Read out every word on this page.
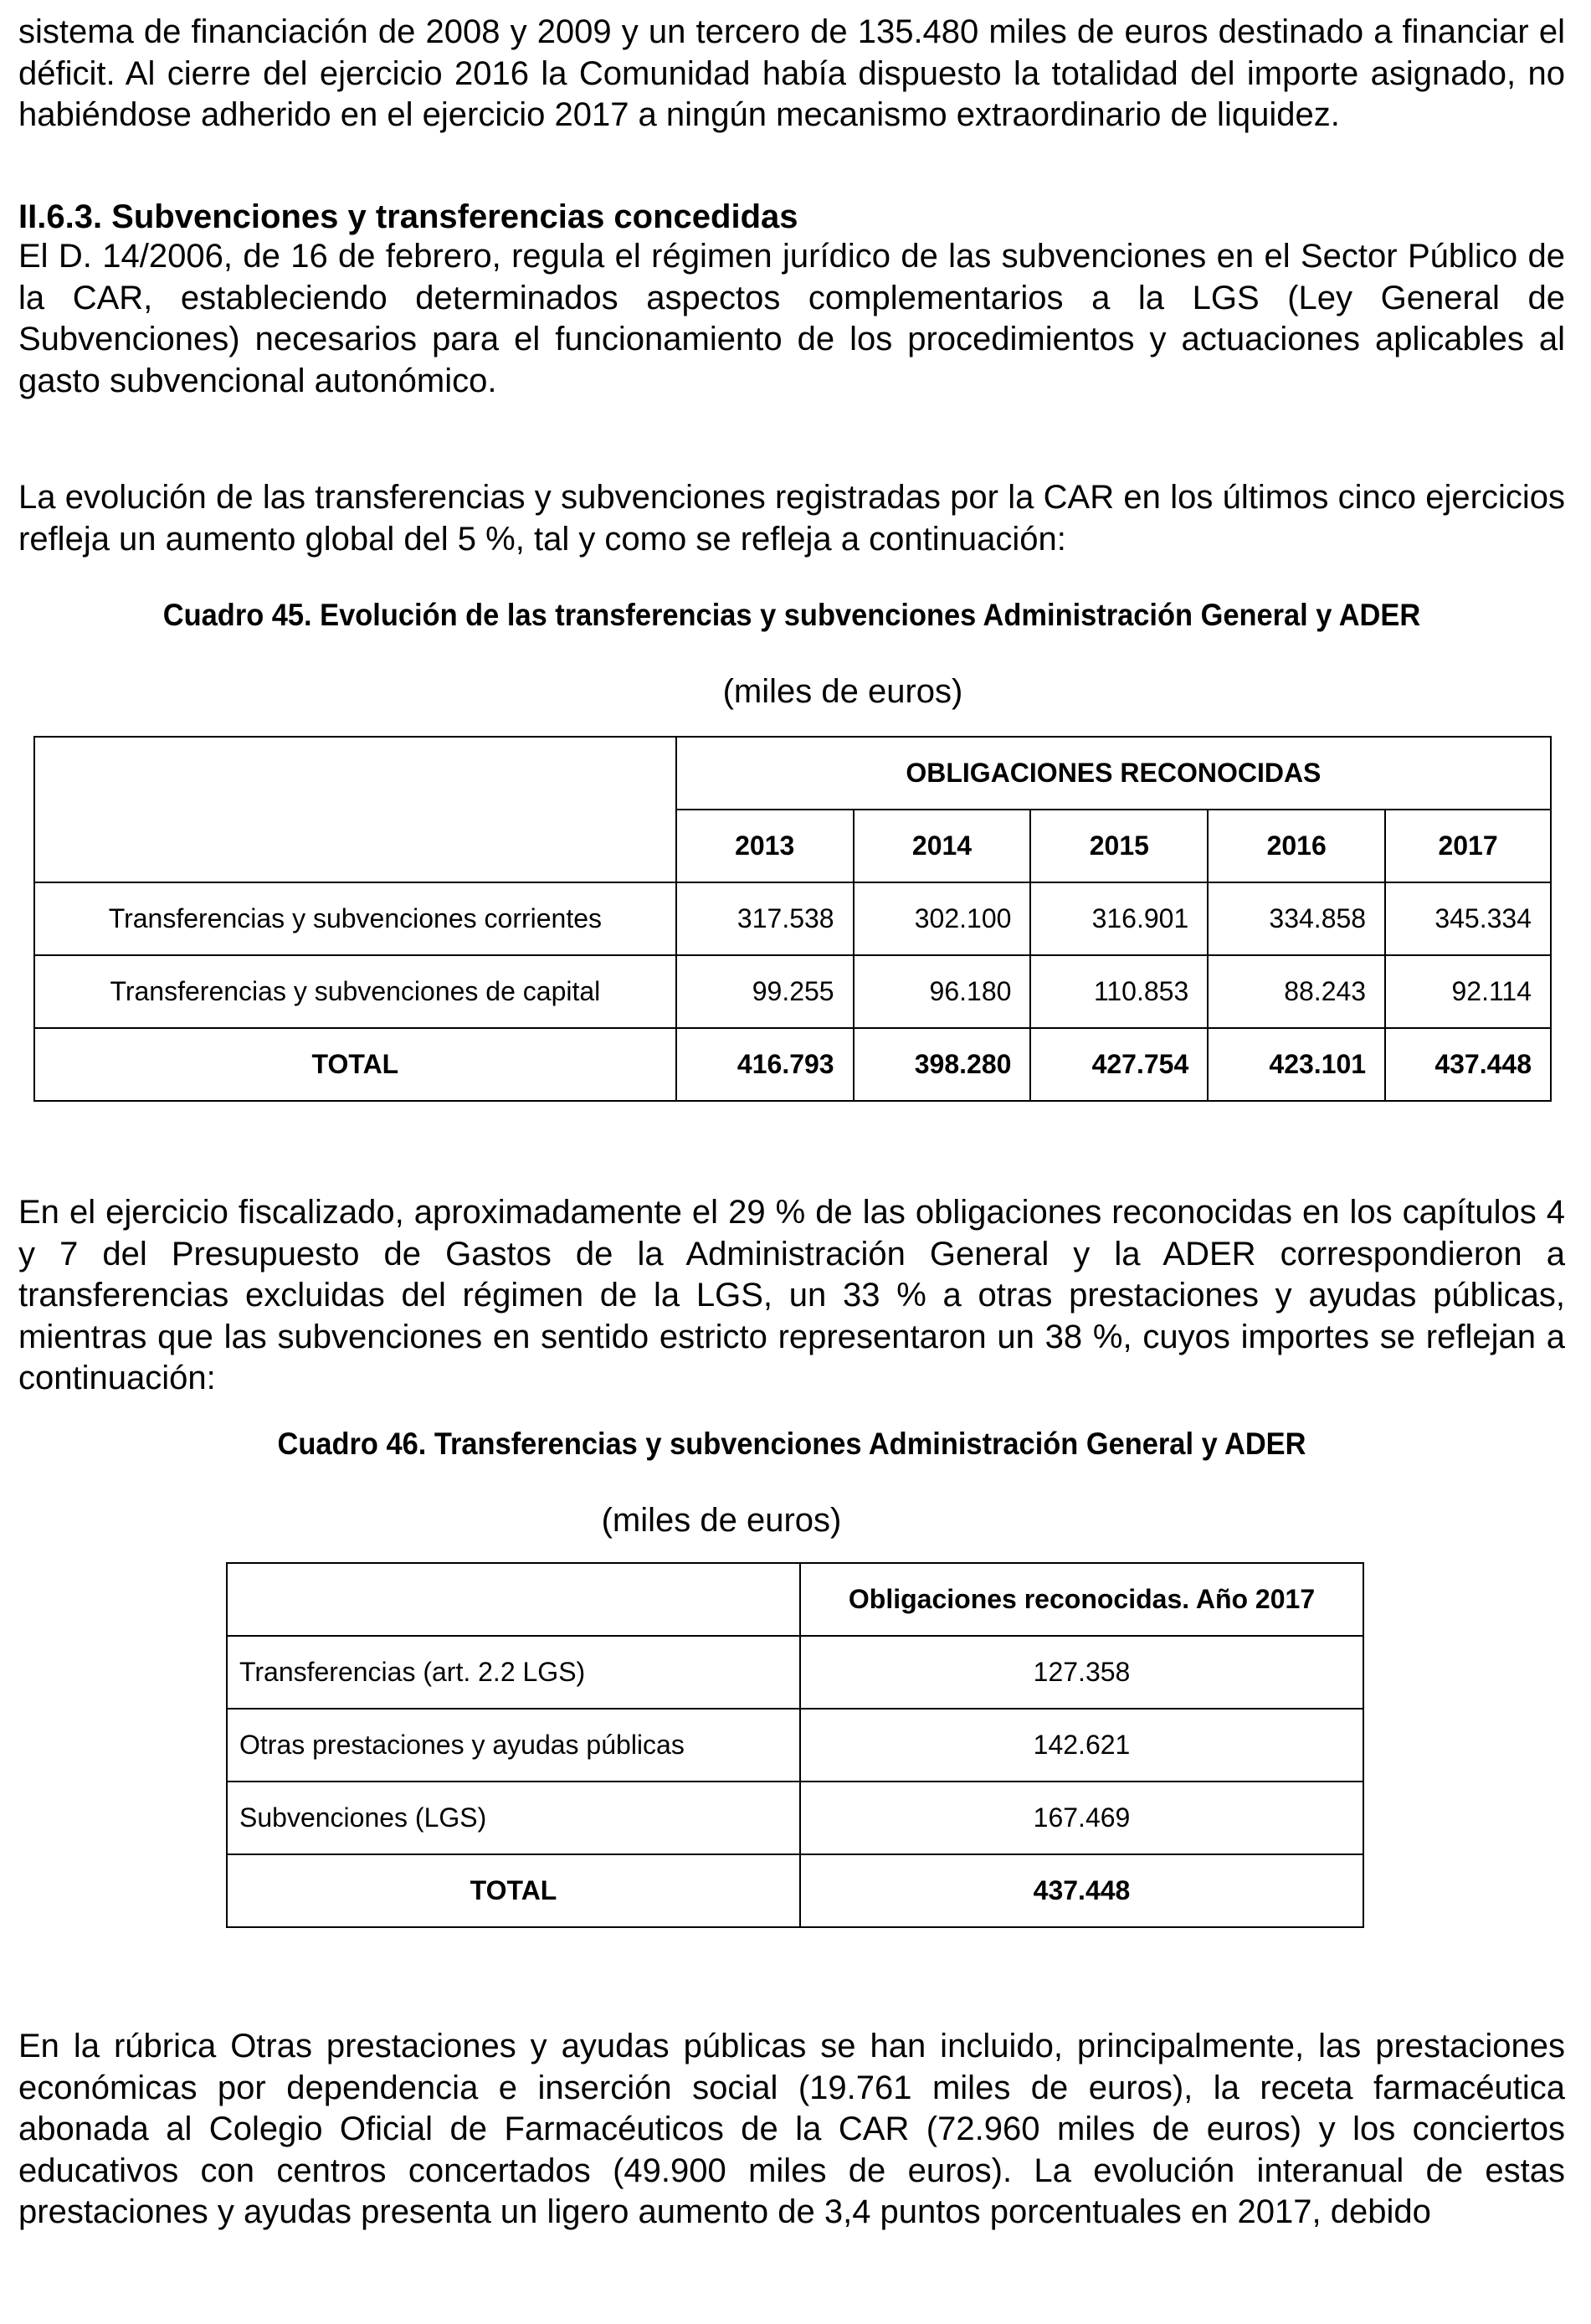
sistema de financiación de 2008 y 2009 y un tercero de 135.480 miles de euros destinado a financiar el déficit. Al cierre del ejercicio 2016 la Comunidad había dispuesto la totalidad del importe asignado, no habiéndose adherido en el ejercicio 2017 a ningún mecanismo extraordinario de liquidez.

II.6.3. Subvenciones y transferencias concedidas

El D. 14/2006, de 16 de febrero, regula el régimen jurídico de las subvenciones en el Sector Público de la CAR, estableciendo determinados aspectos complementarios a la LGS (Ley General de Subvenciones) necesarios para el funcionamiento de los procedimientos y actuaciones aplicables al gasto subvencional autonómico.

La evolución de las transferencias y subvenciones registradas por la CAR en los últimos cinco ejercicios refleja un aumento global del 5 %, tal y como se refleja a continuación:

Cuadro 45. Evolución de las transferencias y subvenciones Administración General y ADER

(miles de euros)

	OBLIGACIONES RECONOCIDAS				
	2013	2014	2015	2016	2017
Transferencias y subvenciones corrientes	317.538	302.100	316.901	334.858	345.334
Transferencias y subvenciones de capital	99.255	96.180	110.853	88.243	92.114
TOTAL	416.793	398.280	427.754	423.101	437.448

En el ejercicio fiscalizado, aproximadamente el 29 % de las obligaciones reconocidas en los capítulos 4 y 7 del Presupuesto de Gastos de la Administración General y la ADER correspondieron a transferencias excluidas del régimen de la LGS, un 33 % a otras prestaciones y ayudas públicas, mientras que las subvenciones en sentido estricto representaron un 38 %, cuyos importes se reflejan a continuación:

Cuadro 46. Transferencias y subvenciones Administración General y ADER

(miles de euros)

	Obligaciones reconocidas. Año 2017
Transferencias (art. 2.2 LGS)	127.358
Otras prestaciones y ayudas públicas	142.621
Subvenciones (LGS)	167.469
TOTAL	437.448

En la rúbrica Otras prestaciones y ayudas públicas se han incluido, principalmente, las prestaciones económicas por dependencia e inserción social (19.761 miles de euros), la receta farmacéutica abonada al Colegio Oficial de Farmacéuticos de la CAR (72.960 miles de euros) y los conciertos educativos con centros concertados (49.900 miles de euros). La evolución interanual de estas prestaciones y ayudas presenta un ligero aumento de 3,4 puntos porcentuales en 2017, debido
